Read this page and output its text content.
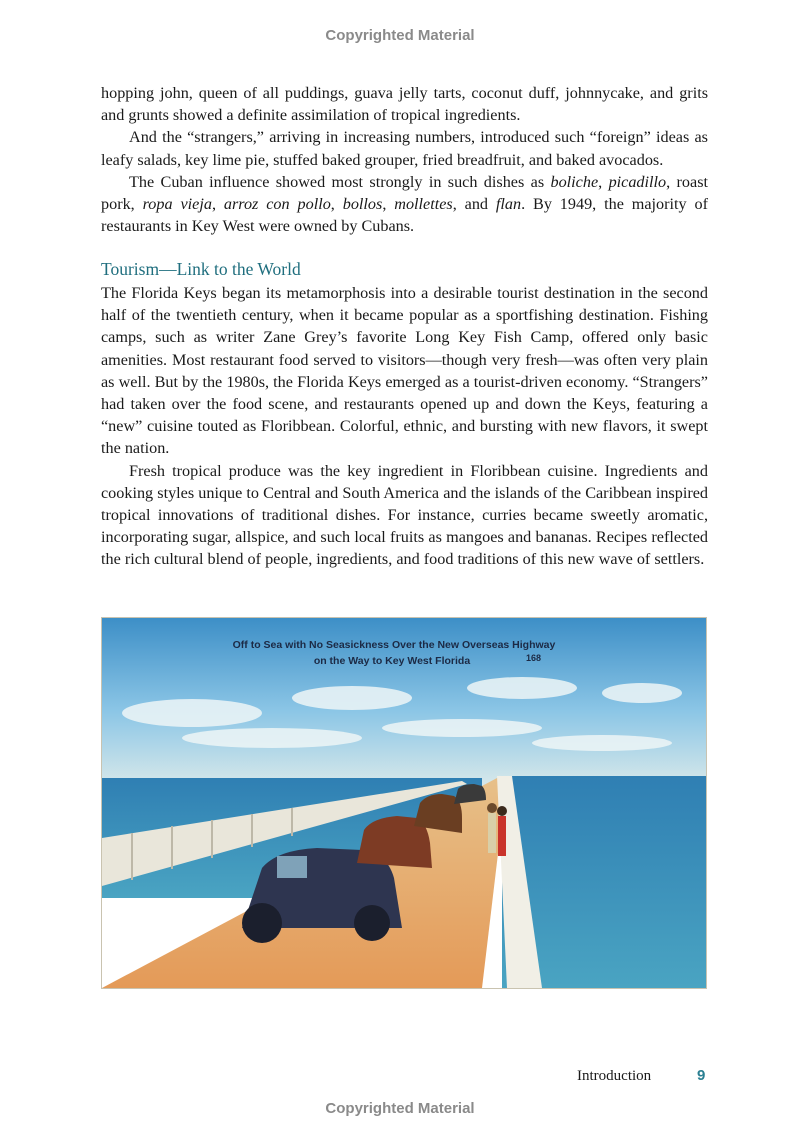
Copyrighted Material

hopping john, queen of all puddings, guava jelly tarts, coconut duff, johnnycake, and grits and grunts showed a definite assimilation of tropical ingredients.

And the “strangers,” arriving in increasing numbers, introduced such “foreign” ideas as leafy salads, key lime pie, stuffed baked grouper, fried breadfruit, and baked avocados.

The Cuban influence showed most strongly in such dishes as boliche, picadillo, roast pork, ropa vieja, arroz con pollo, bollos, mollettes, and flan. By 1949, the majority of restaurants in Key West were owned by Cubans.

Tourism—Link to the World

The Florida Keys began its metamorphosis into a desirable tourist destination in the second half of the twentieth century, when it became popular as a sportfishing destination. Fishing camps, such as writer Zane Grey’s favorite Long Key Fish Camp, offered only basic amenities. Most restaurant food served to visitors—though very fresh—was often very plain as well. But by the 1980s, the Florida Keys emerged as a tourist-driven economy. “Strangers” had taken over the food scene, and restaurants opened up and down the Keys, featuring a “new” cuisine touted as Floribbean. Colorful, ethnic, and bursting with new flavors, it swept the nation.

Fresh tropical produce was the key ingredient in Floribbean cuisine. Ingredients and cooking styles unique to Central and South America and the islands of the Caribbean inspired tropical innovations of traditional dishes. For instance, curries became sweetly aromatic, incorporating sugar, allspice, and such local fruits as mangoes and bananas. Recipes reflected the rich cultural blend of people, ingredients, and food traditions of this new wave of settlers.

Off to Sea with No Seasickness Over the New Overseas Highway
on the Way to Key West Florida	168
Introduction	9
Copyrighted Material
